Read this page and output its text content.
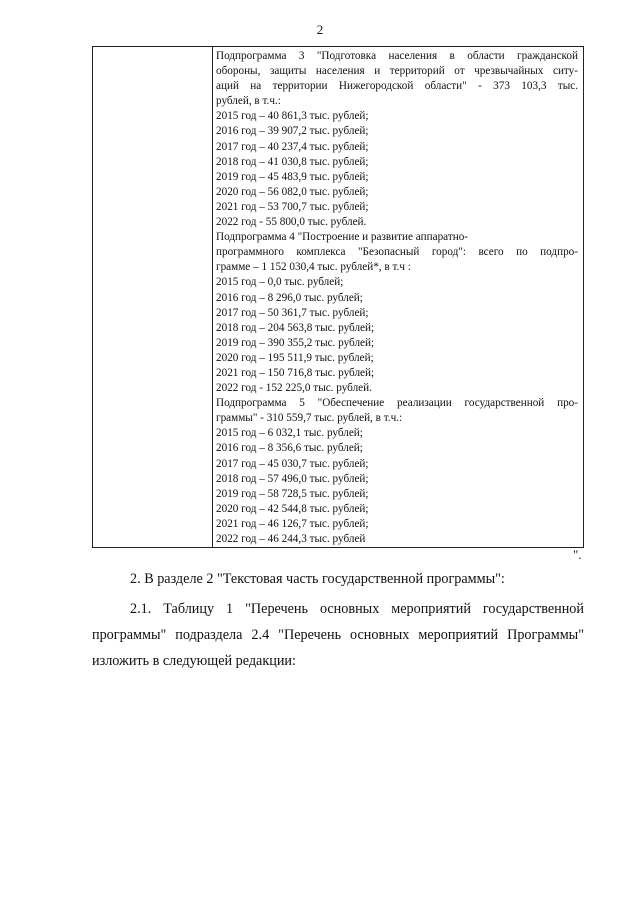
2
Подпрограмма 3 "Подготовка населения в области гражданской
обороны, защиты населения и территорий от чрезвычайных ситу-
аций на территории Нижегородской области" - 373 103,3 тыс.
рублей, в т.ч.:
2015 год – 40 861,3 тыс. рублей;
2016 год – 39 907,2 тыс. рублей;
2017 год – 40 237,4 тыс. рублей;
2018 год – 41 030,8 тыс. рублей;
2019 год – 45 483,9 тыс. рублей;
2020 год – 56 082,0 тыс. рублей;
2021 год – 53 700,7 тыс. рублей;
2022 год - 55 800,0 тыс. рублей.
Подпрограмма 4 "Построение и развитие аппаратно-
программного комплекса "Безопасный город": всего по подпро-
грамме – 1 152 030,4 тыс. рублей*, в т.ч :
2015 год – 0,0 тыс. рублей;
2016 год – 8 296,0 тыс. рублей;
2017 год – 50 361,7 тыс. рублей;
2018 год – 204 563,8 тыс. рублей;
2019 год – 390 355,2 тыс. рублей;
2020 год – 195 511,9 тыс. рублей;
2021 год – 150 716,8 тыс. рублей;
2022 год - 152 225,0 тыс. рублей.
Подпрограмма 5 "Обеспечение реализации государственной про-
граммы" - 310 559,7 тыс. рублей, в т.ч.:
2015 год – 6 032,1 тыс. рублей;
2016 год – 8 356,6 тыс. рублей;
2017 год – 45 030,7 тыс. рублей;
2018 год – 57 496,0 тыс. рублей;
2019 год – 58 728,5 тыс. рублей;
2020 год – 42 544,8 тыс. рублей;
2021 год – 46 126,7 тыс. рублей;
2022 год – 46 244,3 тыс. рублей
".
2. В разделе 2 "Текстовая часть государственной программы":
2.1. Таблицу 1 "Перечень основных мероприятий государственной
программы" подраздела 2.4 "Перечень основных мероприятий Программы"
изложить в следующей редакции:
